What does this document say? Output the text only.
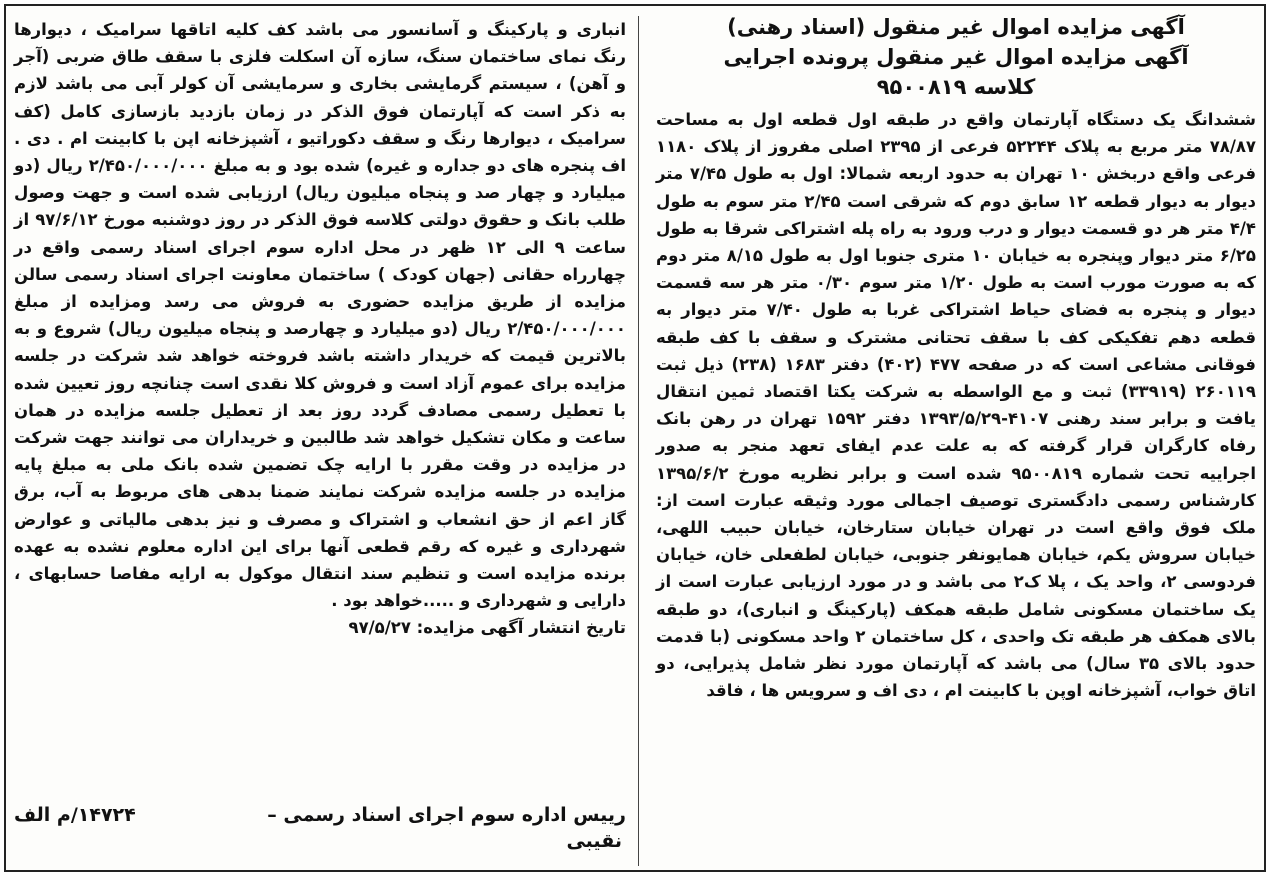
آگهی مزایده اموال غیر منقول (اسناد رهنی)
آگهی مزایده اموال غیر منقول پرونده اجرایی
کلاسه ۹۵۰۰۸۱۹

ششدانگ یک دستگاه آپارتمان واقع در طبقه اول قطعه اول به مساحت ۷۸/۸۷ متر مربع به پلاک ۵۲۲۴۴ فرعی از ۲۳۹۵ اصلی مفروز از پلاک ۱۱۸۰ فرعی واقع دربخش ۱۰ تهران به حدود اربعه شمالا: اول به طول ۷/۴۵ متر دیوار به دیوار قطعه ۱۲ سابق دوم که شرقی است ۲/۴۵ متر سوم به طول ۴/۴ متر هر دو قسمت دیوار و درب ورود به راه پله اشتراکی شرقا به طول ۶/۲۵ متر دیوار وپنجره به خیابان ۱۰ متری جنوبا اول به طول ۸/۱۵ متر دوم که به صورت مورب است به طول ۱/۲۰ متر سوم ۰/۳۰ متر هر سه قسمت دیوار و پنجره به فضای حیاط اشتراکی غربا به طول ۷/۴۰ متر دیوار به قطعه دهم تفکیکی کف با سقف تحتانی مشترک و سقف با کف طبقه فوقانی مشاعی است که در صفحه ۴۷۷ (۴۰۲) دفتر ۱۶۸۳ (۲۳۸) ذیل ثبت ۲۶۰۱۱۹ (۳۳۹۱۹) ثبت و مع الواسطه به شرکت یکتا اقتصاد ثمین انتقال یافت و برابر سند رهنی ۴۱۰۷-۱۳۹۳/۵/۲۹ دفتر ۱۵۹۲ تهران در رهن بانک رفاه کارگران قرار گرفته که به علت عدم ایفای تعهد منجر به صدور اجراییه تحت شماره ۹۵۰۰۸۱۹ شده است و برابر نظریه مورخ ۱۳۹۵/۶/۲ کارشناس رسمی دادگستری توصیف اجمالی مورد وثیقه عبارت است از: ملک فوق واقع است در تهران خیابان ستارخان، خیابان حبیب اللهی، خیابان سروش یکم، خیابان همایونفر جنوبی، خیابان لطفعلی خان، خیابان فردوسی ۲، واحد یک ، پلا ک۲ می باشد و در مورد ارزیابی عبارت است از یک ساختمان مسکونی شامل طبقه همکف (پارکینگ و انباری)، دو طبقه بالای همکف هر طبقه تک واحدی ، کل ساختمان ۲ واحد مسکونی (با قدمت حدود بالای ۳۵ سال) می باشد که آپارتمان مورد نظر شامل پذیرایی، دو اتاق خواب، آشپزخانه اوپن با کابینت ام ، دی اف و سرویس ها ، فاقد

انباری و پارکینگ و آسانسور می باشد کف کلیه اتاقها سرامیک ، دیوارها رنگ نمای ساختمان سنگ، سازه آن اسکلت فلزی با سقف طاق ضربی (آجر و آهن) ، سیستم گرمایشی بخاری و سرمایشی آن کولر آبی می باشد لازم به ذکر است که آپارتمان فوق الذکر در زمان بازدید بازسازی کامل (کف سرامیک ، دیوارها رنگ و سقف دکوراتیو ، آشپزخانه اپن با کابینت ام . دی . اف پنجره های دو جداره و غیره) شده بود و به مبلغ ۲/۴۵۰/۰۰۰/۰۰۰ ریال (دو میلیارد و چهار صد و پنجاه میلیون ریال) ارزیابی شده است و جهت وصول طلب بانک و حقوق دولتی کلاسه فوق الذکر در روز دوشنبه مورخ ۹۷/۶/۱۲ از ساعت ۹ الی ۱۲ ظهر در محل اداره سوم اجرای اسناد رسمی واقع در چهارراه حقانی (جهان کودک ) ساختمان معاونت اجرای اسناد رسمی سالن مزایده از طریق مزایده حضوری به فروش می رسد ومزایده از مبلغ ۲/۴۵۰/۰۰۰/۰۰۰ ریال (دو میلیارد و چهارصد و پنجاه میلیون ریال) شروع و به بالاترین قیمت که خریدار داشته باشد فروخته خواهد شد شرکت در جلسه مزایده برای عموم آزاد است و فروش کلا نقدی است چنانچه روز تعیین شده با تعطیل رسمی مصادف گردد روز بعد از تعطیل جلسه مزایده در همان ساعت و مکان تشکیل خواهد شد طالبین و خریداران می توانند جهت شرکت در مزایده در وقت مقرر با ارایه چک تضمین شده بانک ملی به مبلغ پایه مزایده در جلسه مزایده شرکت نمایند ضمنا بدهی های مربوط به آب، برق گاز اعم از حق انشعاب و اشتراک و مصرف و نیز بدهی مالیاتی و عوارض شهرداری و غیره که رقم قطعی آنها برای این اداره معلوم نشده به عهده برنده مزایده است و تنظیم سند انتقال موکول به ارایه مفاصا حسابهای ، دارایی و شهرداری و .....خواهد بود .

تاریخ انتشار آگهی مزایده: ۹۷/۵/۲۷

رییس اداره سوم اجرای اسناد رسمی –
۱۴۷۲۴/م الف
نقیبی
